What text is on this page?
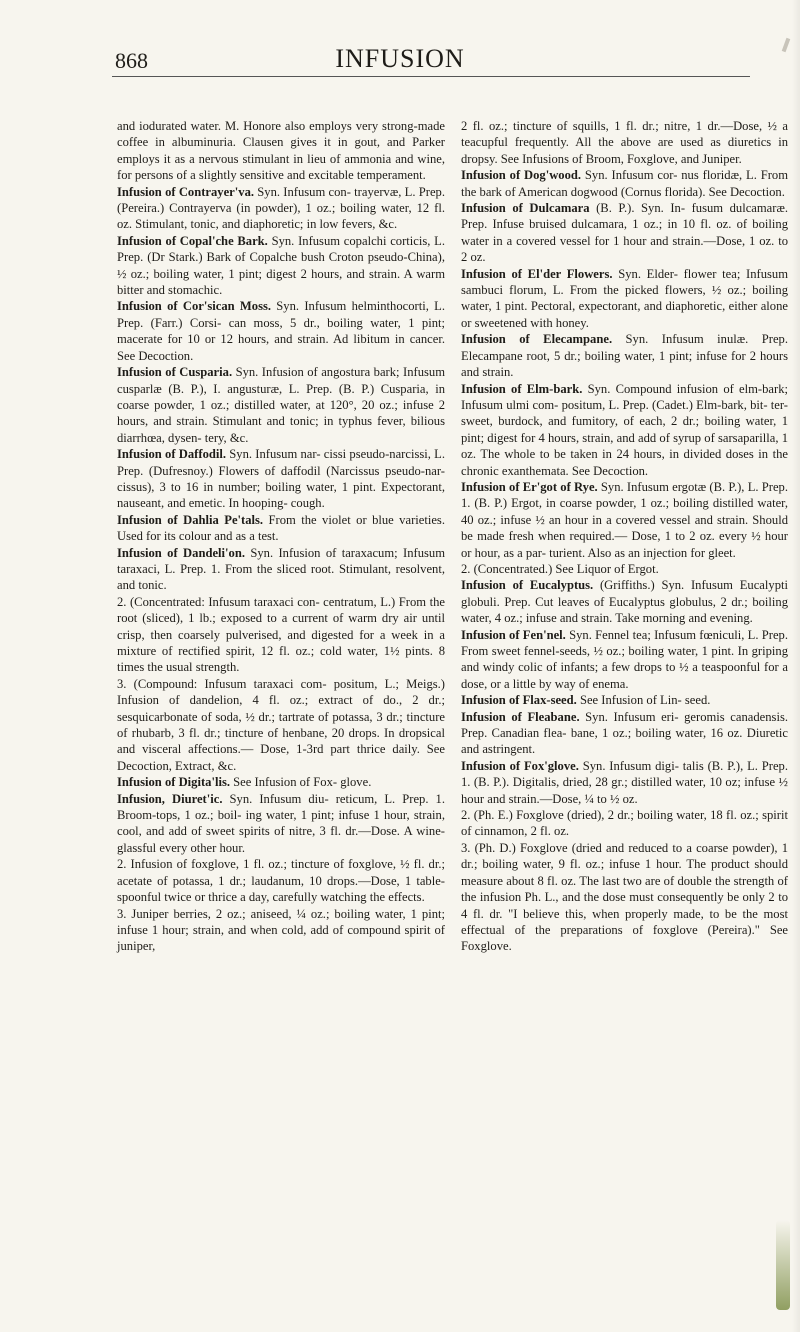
868	INFUSION

and iodurated water. M. Honore also employs very strong-made coffee in albuminuria. Clausen gives it in gout, and Parker employs it as a nervous stimulant in lieu of ammonia and wine, for persons of a slightly sensitive and excitable temperament.

Infusion of Contrayer'va. Syn. Infusum con- trayervæ, L. Prep. (Pereira.) Contrayerva (in powder), 1 oz.; boiling water, 12 fl. oz. Stimulant, tonic, and diaphoretic; in low fevers, &c.

Infusion of Copal'che Bark. Syn. Infusum copalchi corticis, L. Prep. (Dr Stark.) Bark of Copalche bush Croton pseudo-China), ½ oz.; boiling water, 1 pint; digest 2 hours, and strain. A warm bitter and stomachic.

Infusion of Cor'sican Moss. Syn. Infusum helminthocorti, L. Prep. (Farr.) Corsi- can moss, 5 dr., boiling water, 1 pint; macerate for 10 or 12 hours, and strain. Ad libitum in cancer. See Decoction.

Infusion of Cusparia. Syn. Infusion of angostura bark; Infusum cusparlæ (B. P.), I. angusturæ, L. Prep. (B. P.) Cusparia, in coarse powder, 1 oz.; distilled water, at 120°, 20 oz.; infuse 2 hours, and strain. Stimulant and tonic; in typhus fever, bilious diarrhœa, dysen- tery, &c.

Infusion of Daffodil. Syn. Infusum nar- cissi pseudo-narcissi, L. Prep. (Dufresnoy.) Flowers of daffodil (Narcissus pseudo-nar- cissus), 3 to 16 in number; boiling water, 1 pint. Expectorant, nauseant, and emetic. In hooping- cough.

Infusion of Dahlia Pe'tals. From the violet or blue varieties. Used for its colour and as a test.

Infusion of Dandeli'on. Syn. Infusion of taraxacum; Infusum taraxaci, L. Prep. 1. From the sliced root. Stimulant, resolvent, and tonic.

2. (Concentrated: Infusum taraxaci con- centratum, L.) From the root (sliced), 1 lb.; exposed to a current of warm dry air until crisp, then coarsely pulverised, and digested for a week in a mixture of rectified spirit, 12 fl. oz.; cold water, 1½ pints. 8 times the usual strength.

3. (Compound: Infusum taraxaci com- positum, L.; Meigs.) Infusion of dandelion, 4 fl. oz.; extract of do., 2 dr.; sesquicarbonate of soda, ½ dr.; tartrate of potassa, 3 dr.; tincture of rhubarb, 3 fl. dr.; tincture of henbane, 20 drops. In dropsical and visceral affections.— Dose, 1-3rd part thrice daily. See Decoction, Extract, &c.

Infusion of Digita'lis. See Infusion of Fox- glove.

Infusion, Diuret'ic. Syn. Infusum diu- reticum, L. Prep. 1. Broom-tops, 1 oz.; boil- ing water, 1 pint; infuse 1 hour, strain, cool, and add of sweet spirits of nitre, 3 fl. dr.—Dose. A wine-glassful every other hour.

2. Infusion of foxglove, 1 fl. oz.; tincture of foxglove, ½ fl. dr.; acetate of potassa, 1 dr.; laudanum, 10 drops.—Dose, 1 table-spoonful twice or thrice a day, carefully watching the effects.

3. Juniper berries, 2 oz.; aniseed, ¼ oz.; boiling water, 1 pint; infuse 1 hour; strain, and when cold, add of compound spirit of juniper,

2 fl. oz.; tincture of squills, 1 fl. dr.; nitre, 1 dr.—Dose, ½ a teacupful frequently. All the above are used as diuretics in dropsy. See Infusions of Broom, Foxglove, and Juniper.

Infusion of Dog'wood. Syn. Infusum cor- nus floridæ, L. From the bark of American dogwood (Cornus florida). See Decoction.

Infusion of Dulcamara (B. P.). Syn. In- fusum dulcamaræ. Prep. Infuse bruised dulcamara, 1 oz.; in 10 fl. oz. of boiling water in a covered vessel for 1 hour and strain.—Dose, 1 oz. to 2 oz.

Infusion of El'der Flowers. Syn. Elder- flower tea; Infusum sambuci florum, L. From the picked flowers, ½ oz.; boiling water, 1 pint. Pectoral, expectorant, and diaphoretic, either alone or sweetened with honey.

Infusion of Elecampane. Syn. Infusum inulæ. Prep. Elecampane root, 5 dr.; boiling water, 1 pint; infuse for 2 hours and strain.

Infusion of Elm-bark. Syn. Compound infusion of elm-bark; Infusum ulmi com- positum, L. Prep. (Cadet.) Elm-bark, bit- ter-sweet, burdock, and fumitory, of each, 2 dr.; boiling water, 1 pint; digest for 4 hours, strain, and add of syrup of sarsaparilla, 1 oz. The whole to be taken in 24 hours, in divided doses in the chronic exanthemata. See Decoction.

Infusion of Er'got of Rye. Syn. Infusum ergotæ (B. P.), L. Prep. 1. (B. P.) Ergot, in coarse powder, 1 oz.; boiling distilled water, 40 oz.; infuse ½ an hour in a covered vessel and strain. Should be made fresh when required.— Dose, 1 to 2 oz. every ½ hour or hour, as a par- turient. Also as an injection for gleet.

2. (Concentrated.) See Liquor of Ergot.

Infusion of Eucalyptus. (Griffiths.) Syn. Infusum Eucalypti globuli. Prep. Cut leaves of Eucalyptus globulus, 2 dr.; boiling water, 4 oz.; infuse and strain. Take morning and evening.

Infusion of Fen'nel. Syn. Fennel tea; Infusum fœniculi, L. Prep. From sweet fennel-seeds, ½ oz.; boiling water, 1 pint. In griping and windy colic of infants; a few drops to ½ a teaspoonful for a dose, or a little by way of enema.

Infusion of Flax-seed. See Infusion of Lin- seed.

Infusion of Fleabane. Syn. Infusum eri- geromis canadensis. Prep. Canadian flea- bane, 1 oz.; boiling water, 16 oz. Diuretic and astringent.

Infusion of Fox'glove. Syn. Infusum digi- talis (B. P.), L. Prep. 1. (B. P.). Digitalis, dried, 28 gr.; distilled water, 10 oz; infuse ½ hour and strain.—Dose, ¼ to ½ oz.

2. (Ph. E.) Foxglove (dried), 2 dr.; boiling water, 18 fl. oz.; spirit of cinnamon, 2 fl. oz.

3. (Ph. D.) Foxglove (dried and reduced to a coarse powder), 1 dr.; boiling water, 9 fl. oz.; infuse 1 hour. The product should measure about 8 fl. oz. The last two are of double the strength of the infusion Ph. L., and the dose must consequently be only 2 to 4 fl. dr. "I believe this, when properly made, to be the most effectual of the preparations of foxglove (Pereira)." See Foxglove.
